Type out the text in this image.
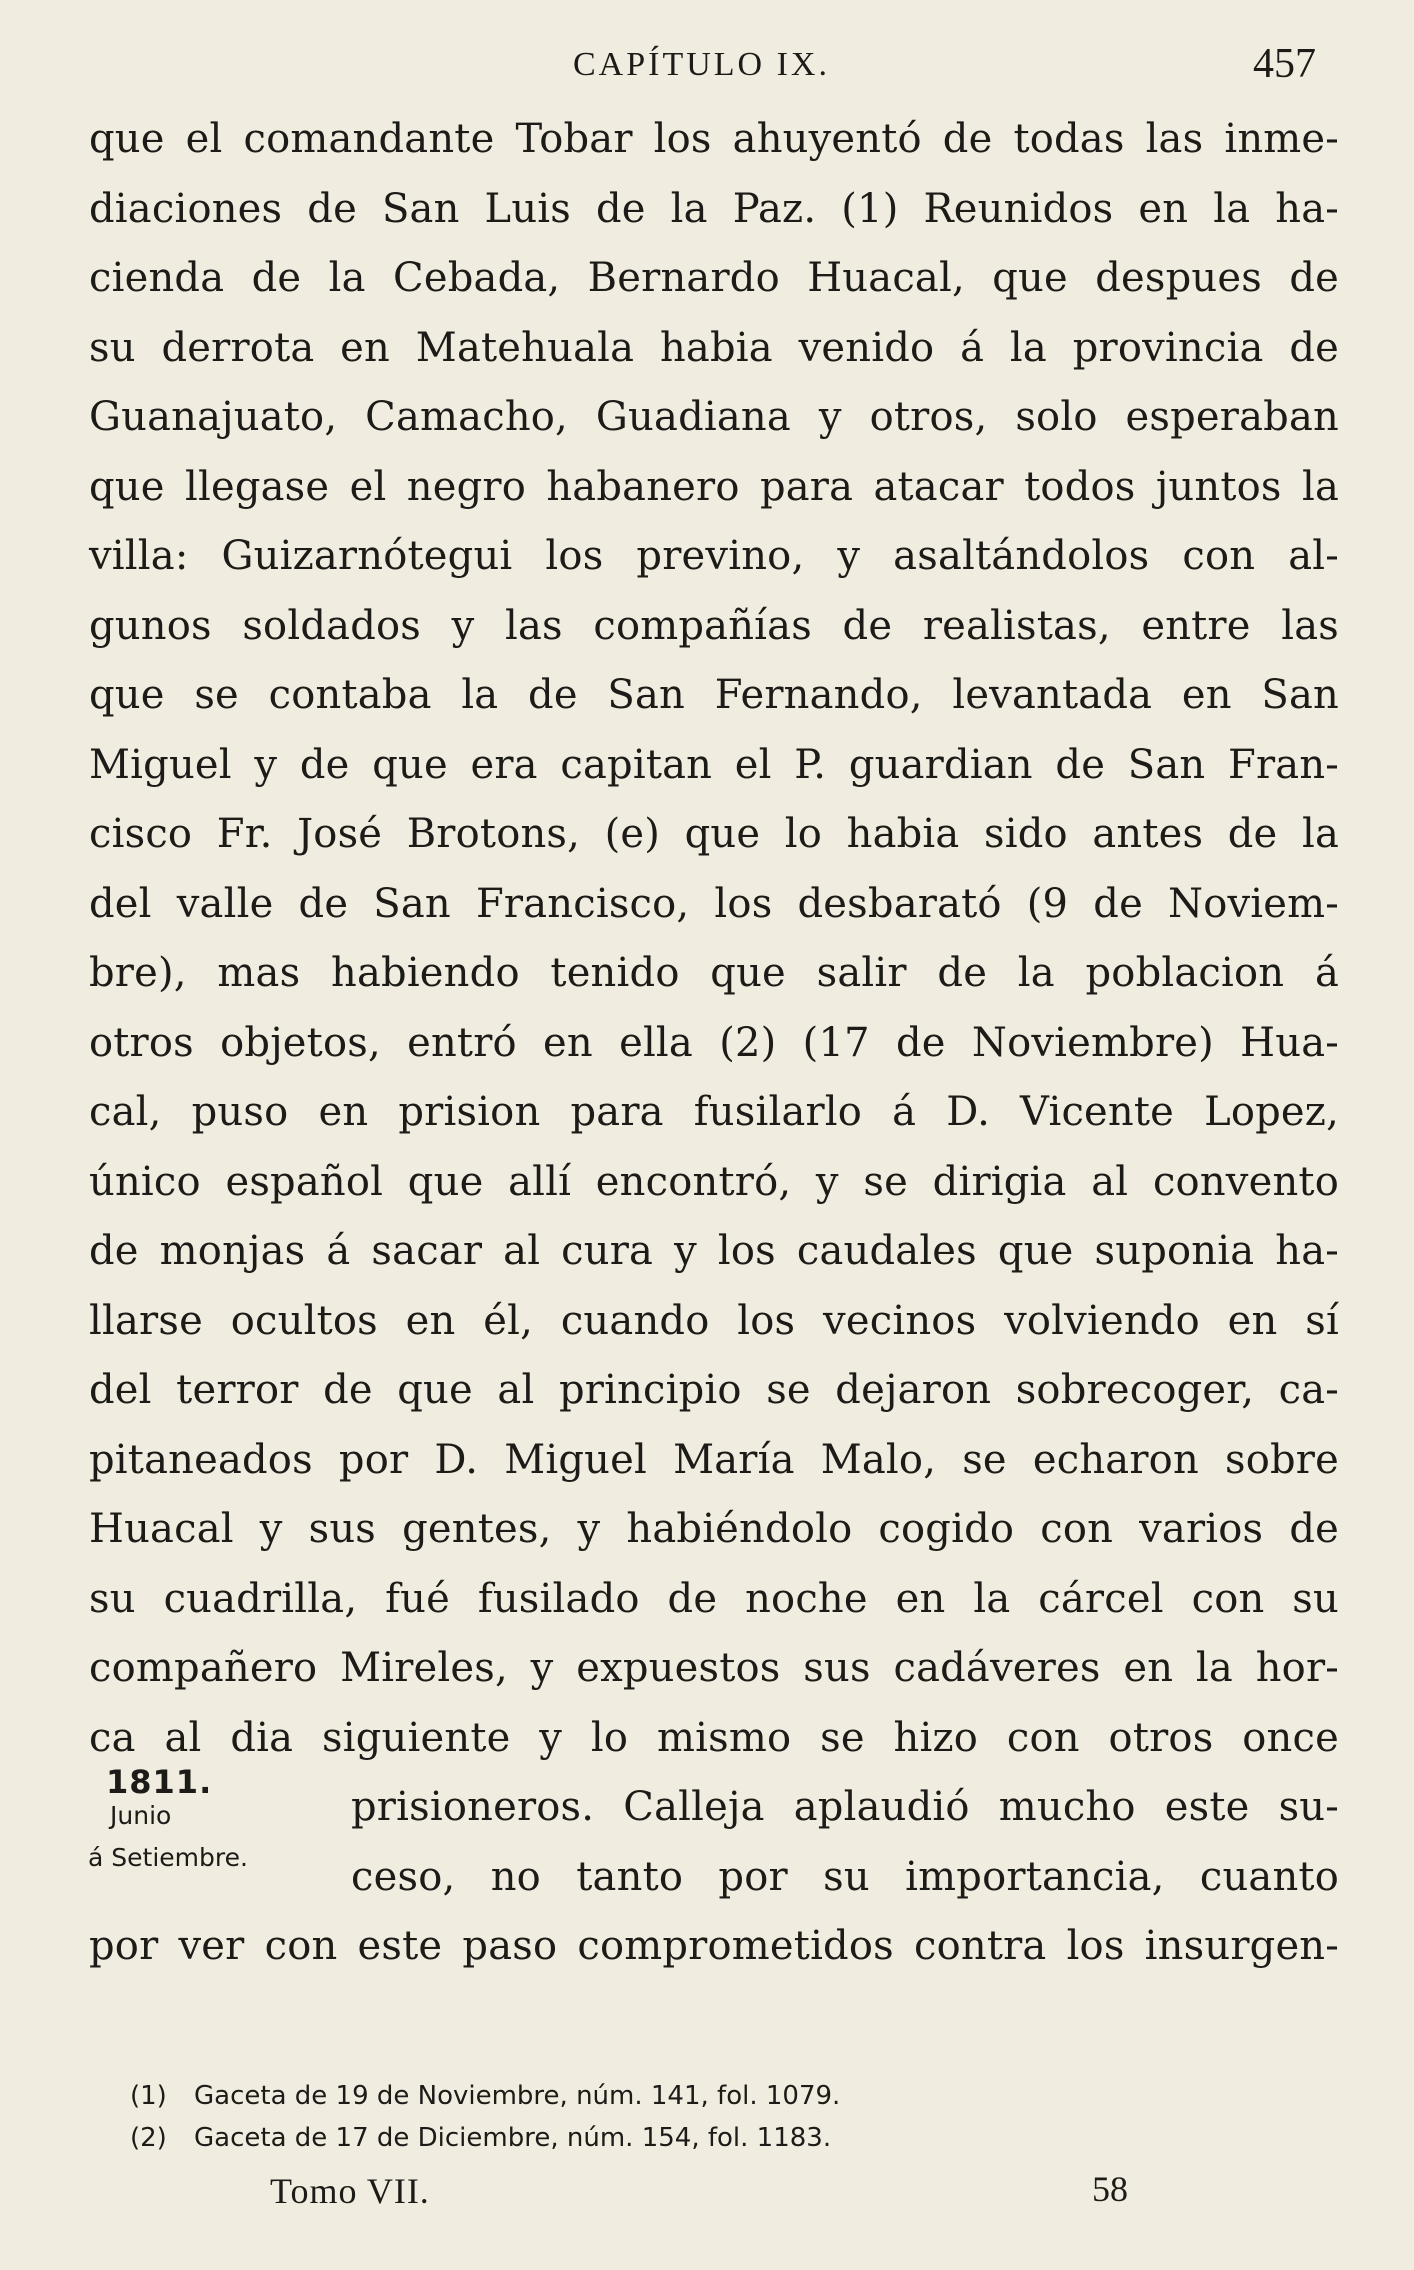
CAPÍTULO IX.	457
que el comandante Tobar los ahuyentó de todas las inme-
diaciones de San Luis de la Paz. (1) Reunidos en la ha-
cienda de la Cebada, Bernardo Huacal, que despues de
su derrota en Matehuala habia venido á la provincia de
Guanajuato, Camacho, Guadiana y otros, solo esperaban
que llegase el negro habanero para atacar todos juntos la
villa: Guizarnótegui los previno, y asaltándolos con al-
gunos soldados y las compañías de realistas, entre las
que se contaba la de San Fernando, levantada en San
Miguel y de que era capitan el P. guardian de San Fran-
cisco Fr. José Brotons, (e) que lo habia sido antes de la
del valle de San Francisco, los desbarató (9 de Noviem-
bre), mas habiendo tenido que salir de la poblacion á
otros objetos, entró en ella (2) (17 de Noviembre) Hua-
cal, puso en prision para fusilarlo á D. Vicente Lopez,
único español que allí encontró, y se dirigia al convento
de monjas á sacar al cura y los caudales que suponia ha-
llarse ocultos en él, cuando los vecinos volviendo en sí
del terror de que al principio se dejaron sobrecoger, ca-
pitaneados por D. Miguel María Malo, se echaron sobre
Huacal y sus gentes, y habiéndolo cogido con varios de
su cuadrilla, fué fusilado de noche en la cárcel con su
compañero Mireles, y expuestos sus cadáveres en la hor-
ca al dia siguiente y lo mismo se hizo con otros once
prisioneros. Calleja aplaudió mucho este su-
ceso, no tanto por su importancia, cuanto
por ver con este paso comprometidos contra los insurgen-
1811.
Junio
á Setiembre.
(1) Gaceta de 19 de Noviembre, núm. 141, fol. 1079.
(2) Gaceta de 17 de Diciembre, núm. 154, fol. 1183.
Tomo VII.	58
